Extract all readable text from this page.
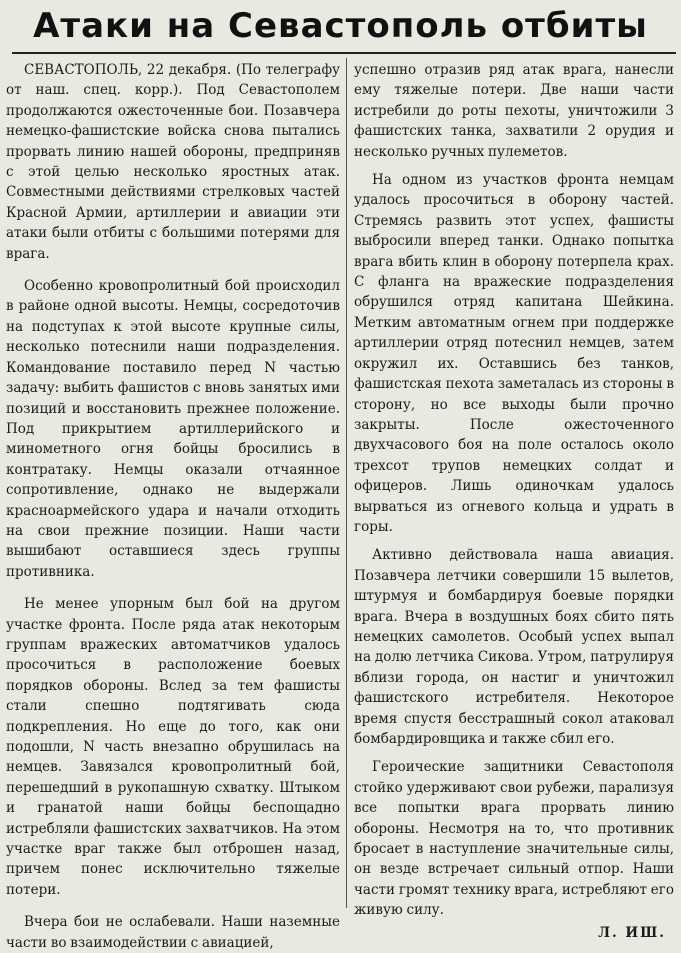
Атаки на Севастополь отбиты

СЕВАСТОПОЛЬ, 22 декабря. (По телеграфу от наш. спец. корр.). Под Севастополем продолжаются ожесточенные бои. Позавчера немецко-фашистские войска снова пытались прорвать линию нашей обороны, предприняв с этой целью несколько яростных атак. Совместными действиями стрелковых частей Красной Армии, артиллерии и авиации эти атаки были отбиты с большими потерями для врага.

Особенно кровопролитный бой происходил в районе одной высоты. Немцы, сосредоточив на подступах к этой высоте крупные силы, несколько потеснили наши подразделения. Командование поставило перед N частью задачу: выбить фашистов с вновь занятых ими позиций и восстановить прежнее положение. Под прикрытием артиллерийского и минометного огня бойцы бросились в контратаку. Немцы оказали отчаянное сопротивление, однако не выдержали красноармейского удара и начали отходить на свои прежние позиции. Наши части вышибают оставшиеся здесь группы противника.

Не менее упорным был бой на другом участке фронта. После ряда атак некоторым группам вражеских автоматчиков удалось просочиться в расположение боевых порядков обороны. Вслед за тем фашисты стали спешно подтягивать сюда подкрепления. Но еще до того, как они подошли, N часть внезапно обрушилась на немцев. Завязался кровопролитный бой, перешедший в рукопашную схватку. Штыком и гранатой наши бойцы беспощадно истребляли фашистских захватчиков. На этом участке враг также был отброшен назад, причем понес исключительно тяжелые потери.

Вчера бои не ослабевали. Наши наземные части во взаимодействии с авиацией,

успешно отразив ряд атак врага, нанесли ему тяжелые потери. Две наши части истребили до роты пехоты, уничтожили 3 фашистских танка, захватили 2 орудия и несколько ручных пулеметов.

На одном из участков фронта немцам удалось просочиться в оборону частей. Стремясь развить этот успех, фашисты выбросили вперед танки. Однако попытка врага вбить клин в оборону потерпела крах. С фланга на вражеские подразделения обрушился отряд капитана Шейкина. Метким автоматным огнем при поддержке артиллерии отряд потеснил немцев, затем окружил их. Оставшись без танков, фашистская пехота заметалась из стороны в сторону, но все выходы были прочно закрыты. После ожесточенного двухчасового боя на поле осталось около трехсот трупов немецких солдат и офицеров. Лишь одиночкам удалось вырваться из огневого кольца и удрать в горы.

Активно действовала наша авиация. Позавчера летчики совершили 15 вылетов, штурмуя и бомбардируя боевые порядки врага. Вчера в воздушных боях сбито пять немецких самолетов. Особый успех выпал на долю летчика Сикова. Утром, патрулируя вблизи города, он настиг и уничтожил фашистского истребителя. Некоторое время спустя бесстрашный сокол атаковал бомбардировщика и также сбил его.

Героические защитники Севастополя стойко удерживают свои рубежи, парализуя все попытки врага прорвать линию обороны. Несмотря на то, что противник бросает в наступление значительные силы, он везде встречает сильный отпор. Наши части громят технику врага, истребляют его живую силу.

Л. ИШ.
